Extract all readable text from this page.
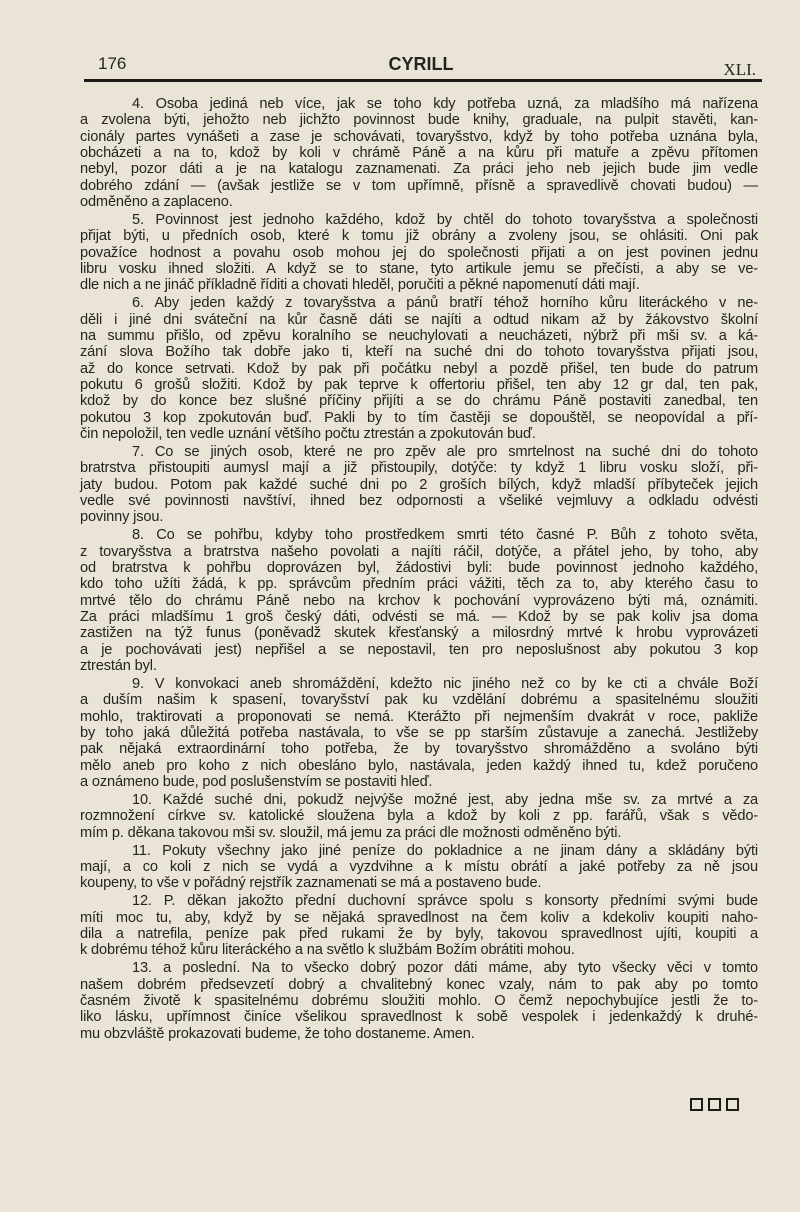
176	CYRILL	XLI.
4. Osoba jediná neb více, jak se toho kdy potřeba uzná, za mladšího má nařízena
a zvolena býti, jehožto neb jichžto povinnost bude knihy, graduale, na pulpit stavěti, kan-
cionály partes vynášeti a zase je schovávati, tovaryšstvo, když by toho potřeba uznána byla,
obcházeti a na to, kdož by koli v chrámě Páně a na kůru při matuře a zpěvu přítomen
nebyl, pozor dáti a je na katalogu zaznamenati. Za práci jeho neb jejich bude jim vedle
dobrého zdání — (avšak jestliže se v tom upřímně, přísně a spravedlivě chovati budou) —
odměněno a zaplaceno.
5. Povinnost jest jednoho každého, kdož by chtěl do tohoto tovaryšstva a společnosti
přijat býti, u předních osob, které k tomu již obrány a zvoleny jsou, se ohlásiti. Oni pak
považíce hodnost a povahu osob mohou jej do společnosti přijati a on jest povinen jednu
libru vosku ihned složiti. A když se to stane, tyto artikule jemu se přečísti, a aby se ve-
dle nich a ne jináč příkladně říditi a chovati hleděl, poručiti a pěkné napomenutí dáti mají.
6. Aby jeden každý z tovaryšstva a pánů bratří téhož horního kůru literáckého v ne-
děli i jiné dni sváteční na kůr časně dáti se najíti a odtud nikam až by žákovstvo školní
na summu přišlo, od zpěvu koralního se neuchylovati a neucházeti, nýbrž při mši sv. a ká-
zání slova Božího tak dobře jako ti, kteří na suché dni do tohoto tovaryšstva přijati jsou,
až do konce setrvati. Kdož by pak při počátku nebyl a pozdě přišel, ten bude do patrum
pokutu 6 grošů složiti. Kdož by pak teprve k offertoriu přišel, ten aby 12 gr dal, ten pak,
kdož by do konce bez slušné příčiny přijíti a se do chrámu Páně postaviti zanedbal, ten
pokutou 3 kop zpokutován buď. Pakli by to tím častěji se dopouštěl, se neopovídal a pří-
čin nepoložil, ten vedle uznání většího počtu ztrestán a zpokutován buď.
7. Co se jiných osob, které ne pro zpěv ale pro smrtelnost na suché dni do tohoto
bratrstva přistoupiti aumysl mají a již přistoupily, dotýče: ty když 1 libru vosku složí, při-
jaty budou. Potom pak každé suché dni po 2 groších bílých, když mladší příbyteček jejich
vedle své povinnosti navštíví, ihned bez odpornosti a všeliké vejmluvy a odkladu odvésti
povinny jsou.
8. Co se pohřbu, kdyby toho prostředkem smrti této časné P. Bůh z tohoto světa,
z tovaryšstva a bratrstva našeho povolati a najíti ráčil, dotýče, a přátel jeho, by toho, aby
od bratrstva k pohřbu doprovázen byl, žádostivi byli: bude povinnost jednoho každého,
kdo toho užíti žádá, k pp. správcům předním práci vážiti, těch za to, aby kterého času to
mrtvé tělo do chrámu Páně nebo na krchov k pochování vyprovázeno býti má, oznámiti.
Za práci mladšímu 1 groš český dáti, odvésti se má. — Kdož by se pak koliv jsa doma
zastižen na týž funus (poněvadž skutek křesťanský a milosrdný mrtvé k hrobu vyprovázeti
a je pochovávati jest) nepřišel a se nepostavil, ten pro neposlušnost aby pokutou 3 kop
ztrestán byl.
9. V konvokaci aneb shromáždění, kdežto nic jiného než co by ke cti a chvále Boží
a duším našim k spasení, tovaryšství pak ku vzdělání dobrému a spasitelnému sloužiti
mohlo, traktirovati a proponovati se nemá. Kterážto při nejmenším dvakrát v roce, pakliže
by toho jaká důležitá potřeba nastávala, to vše se pp starším zůstavuje a zanechá. Jestližeby
pak nějaká extraordinární toho potřeba, že by tovaryšstvo shromážděno a svoláno býti
mělo aneb pro koho z nich obesláno bylo, nastávala, jeden každý ihned tu, kdež poručeno
a oznámeno bude, pod poslušenstvím se postaviti hleď.
10. Každé suché dni, pokudž nejvýše možné jest, aby jedna mše sv. za mrtvé a za
rozmnožení církve sv. katolické sloužena byla a kdož by koli z pp. farářů, však s vědo-
mím p. děkana takovou mši sv. sloužil, má jemu za práci dle možnosti odměněno býti.
11. Pokuty všechny jako jiné peníze do pokladnice a ne jinam dány a skládány býti
mají, a co koli z nich se vydá a vyzdvihne a k místu obrátí a jaké potřeby za ně jsou
koupeny, to vše v pořádný rejstřík zaznamenati se má a postaveno bude.
12. P. děkan jakožto přední duchovní správce spolu s konsorty předními svými bude
míti moc tu, aby, když by se nějaká spravedlnost na čem koliv a kdekoliv koupiti naho-
dila a natrefila, peníze pak před rukami že by byly, takovou spravedlnost ujíti, koupiti a
k dobrému téhož kůru literáckého a na světlo k službám Božím obrátiti mohou.
13. a poslední. Na to všecko dobrý pozor dáti máme, aby tyto všecky věci v tomto
našem dobrém předsevzetí dobrý a chvalitebný konec vzaly, nám to pak aby po tomto
časném životě k spasitelnému dobrému sloužiti mohlo. O čemž nepochybujíce jestli že to-
liko lásku, upřímnost činíce všelikou spravedlnost k sobě vespolek i jedenkaždý k druhé-
mu obzvláště prokazovati budeme, že toho dostaneme. Amen.
